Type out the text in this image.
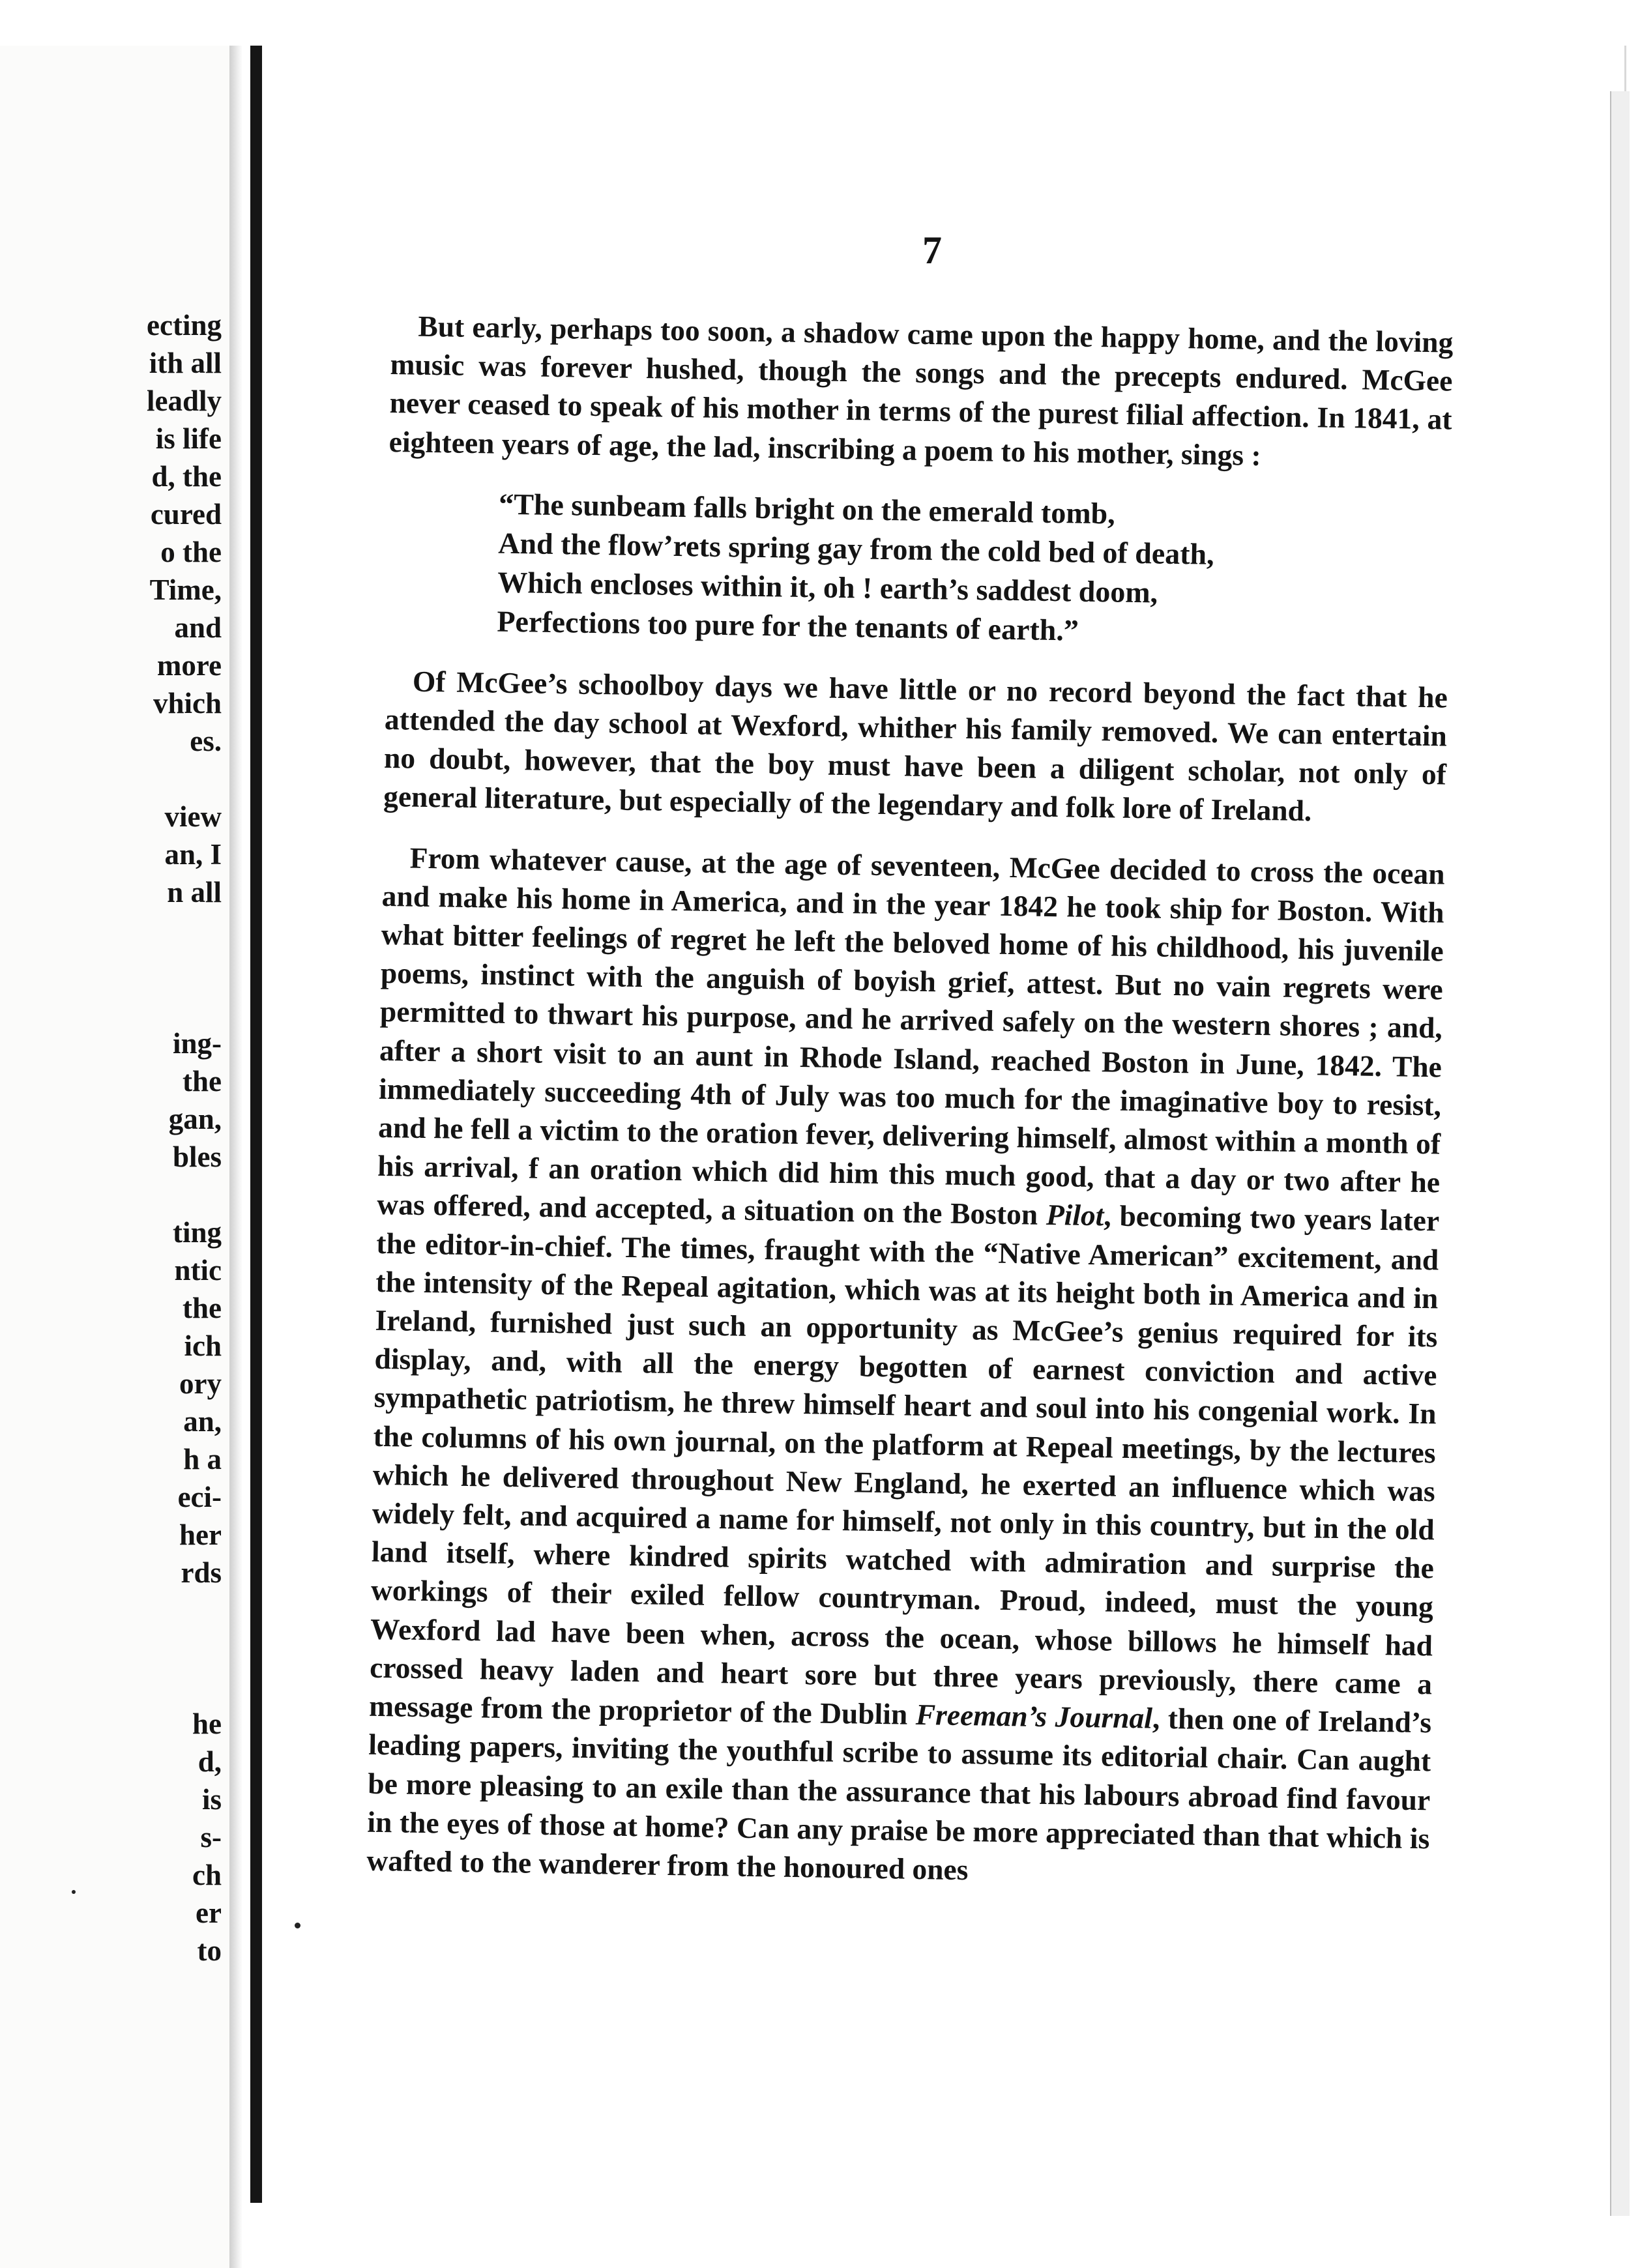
ecting
ith all
leadly
is life
d, the
cured
o the
Time,
and
more
vhich
es.
view
an, I
n all
ing-
the
gan,
bles
ting
ntic
the
ich
ory
an,
h a
eci-
her
rds
he
d,
is
s-
ch
er
to
7

But early, perhaps too soon, a shadow came upon the happy home, and the loving music was forever hushed, though the songs and the precepts endured. McGee never ceased to speak of his mother in terms of the purest filial affection. In 1841, at eighteen years of age, the lad, inscribing a poem to his mother, sings :

“The sunbeam falls bright on the emerald tomb,
And the flow’rets spring gay from the cold bed of death,
Which encloses within it, oh ! earth’s saddest doom,
Perfections too pure for the tenants of earth.”

Of McGee’s schoolboy days we have little or no record beyond the fact that he attended the day school at Wexford, whither his family removed. We can entertain no doubt, however, that the boy must have been a diligent scholar, not only of general literature, but especially of the legendary and folk lore of Ireland.

From whatever cause, at the age of seventeen, McGee decided to cross the ocean and make his home in America, and in the year 1842 he took ship for Boston. With what bitter feelings of regret he left the beloved home of his childhood, his juvenile poems, instinct with the anguish of boyish grief, attest. But no vain regrets were permitted to thwart his purpose, and he arrived safely on the western shores ; and, after a short visit to an aunt in Rhode Island, reached Boston in June, 1842. The immediately succeeding 4th of July was too much for the imaginative boy to resist, and he fell a victim to the oration fever, delivering himself, almost within a month of his arrival, f an oration which did him this much good, that a day or two after he was offered, and accepted, a situation on the Boston Pilot, becoming two years later the editor-in-chief. The times, fraught with the “Native American” excitement, and the intensity of the Repeal agitation, which was at its height both in America and in Ireland, furnished just such an opportunity as McGee’s genius required for its display, and, with all the energy begotten of earnest conviction and active sympathetic patriotism, he threw himself heart and soul into his congenial work. In the columns of his own journal, on the platform at Repeal meetings, by the lectures which he delivered throughout New England, he exerted an influence which was widely felt, and acquired a name for himself, not only in this country, but in the old land itself, where kindred spirits watched with admiration and surprise the workings of their exiled fellow countryman. Proud, indeed, must the young Wexford lad have been when, across the ocean, whose billows he himself had crossed heavy laden and heart sore but three years previously, there came a message from the proprietor of the Dublin Freeman’s Journal, then one of Ireland’s leading papers, inviting the youthful scribe to assume its editorial chair. Can aught be more pleasing to an exile than the assurance that his labours abroad find favour in the eyes of those at home? Can any praise be more appreciated than that which is wafted to the wanderer from the honoured ones
